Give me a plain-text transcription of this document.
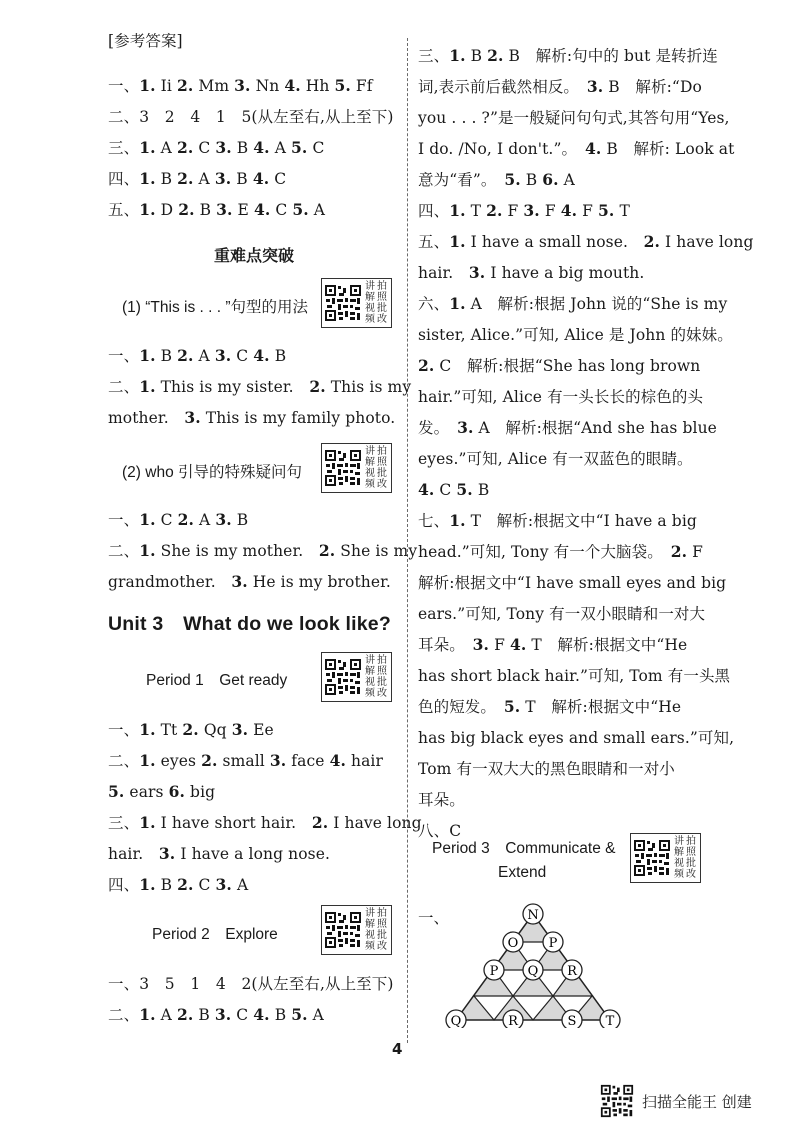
[参考答案]
一、1. Ii 2. Mm 3. Nn 4. Hh 5. Ff
二、3　2　4　1　5(从左至右,从上至下)
三、1. A 2. C 3. B 4. A 5. C
四、1. B 2. A 3. B 4. C
五、1. D 2. B 3. E 4. C 5. A
重难点突破
(1) “This is . . . ”句型的用法
讲 拍
解 照
视 批
频 改
一、1. B 2. A 3. C 4. B
二、1. This is my sister.　2. This is my
mother.　3. This is my family photo.
(2) who 引导的特殊疑问句
讲 拍
解 照
视 批
频 改
一、1. C 2. A 3. B
二、1. She is my mother.　2. She is my
grandmother.　3. He is my brother.
Unit 3　What do we look like?
Period 1　Get ready
讲 拍
解 照
视 批
频 改
一、1. Tt 2. Qq 3. Ee
二、1. eyes 2. small 3. face 4. hair
5. ears 6. big
三、1. I have short hair.　2. I have long
hair.　3. I have a long nose.
四、1. B 2. C 3. A
Period 2　Explore
讲 拍
解 照
视 批
频 改
一、3　5　1　4　2(从左至右,从上至下)
二、1. A 2. B 3. C 4. B 5. A
三、1. B 2. B　解析:句中的 but 是转折连
词,表示前后截然相反。　 3. B　解析:“Do
you . . . ?”是一般疑问句句式,其答句用“Yes,
I do. /No, I don't.”。　 4. B　解析: Look at
意为“看”。　5. B 6. A
四、1. T 2. F 3. F 4. F 5. T
五、1. I have a small nose.　2. I have long
hair.　3. I have a big mouth.
六、1. A　解析:根据 John 说的“She is my
sister, Alice.”可知, Alice 是 John 的妹妹。
2. C　解析:根据“She has long brown
hair.”可知, Alice 有一头长长的棕色的头
发。　3. A　解析:根据“And she has blue
eyes.”可知, Alice 有一双蓝色的眼睛。
4. C 5. B
七、1. T　解析:根据文中“I have a big
head.”可知, Tony 有一个大脑袋。　 2. F
解析:根据文中“I have small eyes and big
ears.”可知, Tony 有一双小眼睛和一对大
耳朵。　3. F 4. T　解析:根据文中“He
has short black hair.”可知, Tom 有一头黑
色的短发。　5. T　解析:根据文中“He
has big black eyes and small ears.”可知,
Tom 有一双大大的黑色眼睛和一对小
耳朵。
八、C
Period 3　Communicate &
Extend
讲 拍
解 照
视 批
频 改
一、	N
O P
P Q R
Q	R	S T
4
扫描全能王 创建
